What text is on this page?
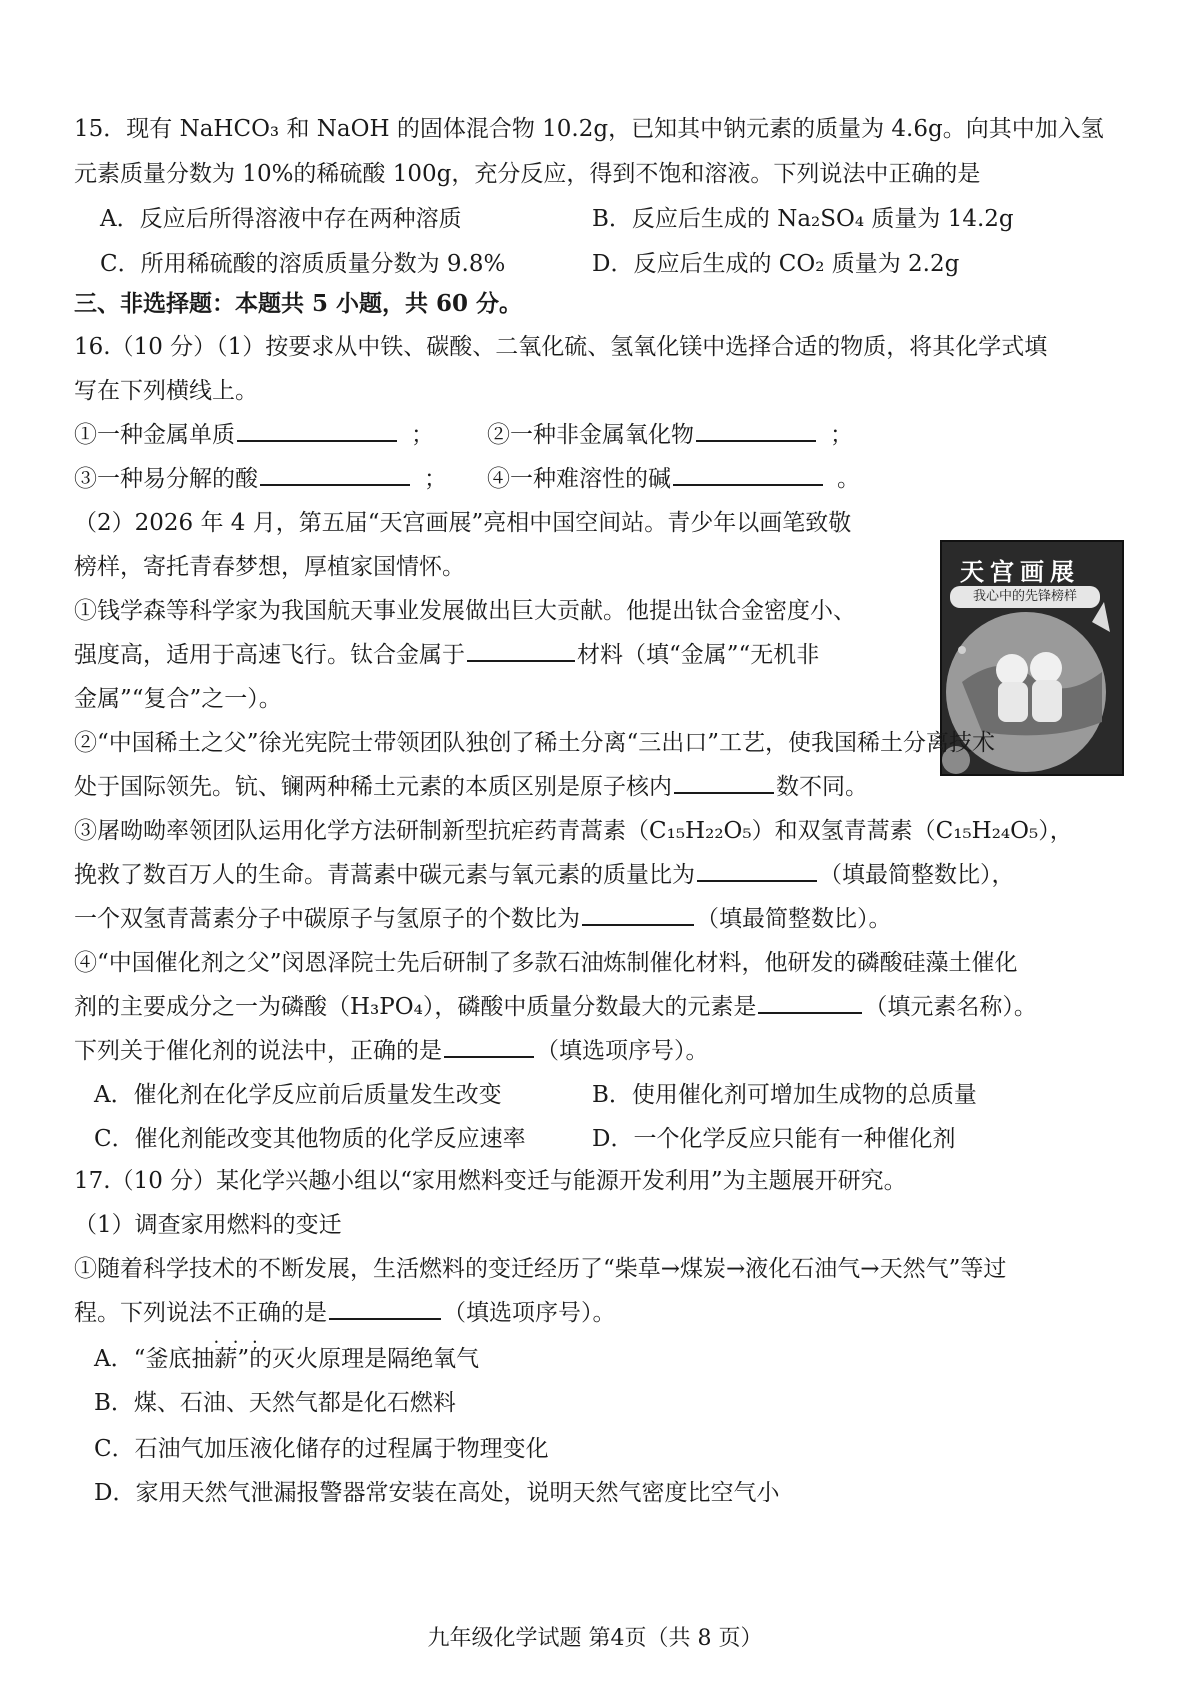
15．现有 NaHCO₃ 和 NaOH 的固体混合物 10.2g，已知其中钠元素的质量为 4.6g。向其中加入氢
元素质量分数为 10%的稀硫酸 100g，充分反应，得到不饱和溶液。下列说法中正确的是
A．反应后所得溶液中存在两种溶质	B．反应后生成的 Na₂SO₄ 质量为 14.2g
C．所用稀硫酸的溶质质量分数为 9.8%	D．反应后生成的 CO₂ 质量为 2.2g
三、非选择题：本题共 5 小题，共 60 分。
16.（10 分）（1）按要求从中铁、碳酸、二氧化硫、氢氧化镁中选择合适的物质，将其化学式填
写在下列横线上。
①一种金属单质	； ②一种非金属氧化物	；
③一种易分解的酸	； ④一种难溶性的碱	。
（2）2026 年 4 月，第五届“天宫画展”亮相中国空间站。青少年以画笔致敬
榜样，寄托青春梦想，厚植家国情怀。
①钱学森等科学家为我国航天事业发展做出巨大贡献。他提出钛合金密度小、
强度高，适用于高速飞行。钛合金属于	材料（填“金属”“无机非
金属”“复合”之一）。
天宫画展
我心中的先锋榜样
②“中国稀土之父”徐光宪院士带领团队独创了稀土分离“三出口”工艺，使我国稀土分离技术
处于国际领先。钪、镧两种稀土元素的本质区别是原子核内	数不同。
③屠呦呦率领团队运用化学方法研制新型抗疟药青蒿素（C₁₅H₂₂O₅）和双氢青蒿素（C₁₅H₂₄O₅），
挽救了数百万人的生命。青蒿素中碳元素与氧元素的质量比为	（填最简整数比），
一个双氢青蒿素分子中碳原子与氢原子的个数比为	（填最简整数比）。
④“中国催化剂之父”闵恩泽院士先后研制了多款石油炼制催化材料，他研发的磷酸硅藻土催化
剂的主要成分之一为磷酸（H₃PO₄），磷酸中质量分数最大的元素是	（填元素名称）。
下列关于催化剂的说法中，正确的是	（填选项序号）。
A．催化剂在化学反应前后质量发生改变	B．使用催化剂可增加生成物的总质量
C．催化剂能改变其他物质的化学反应速率	D．一个化学反应只能有一种催化剂
17.（10 分）某化学兴趣小组以“家用燃料变迁与能源开发利用”为主题展开研究。
（1）调查家用燃料的变迁
①随着科学技术的不断发展，生活燃料的变迁经历了“柴草→煤炭→液化石油气→天然气”等过
程。下列说法不正确 • • •的是	（填选项序号）。
A．“釜底抽薪”的灭火原理是隔绝氧气
B．煤、石油、天然气都是化石燃料
C．石油气加压液化储存的过程属于物理变化
D．家用天然气泄漏报警器常安装在高处，说明天然气密度比空气小
九年级化学试题 第4页（共 8 页）
